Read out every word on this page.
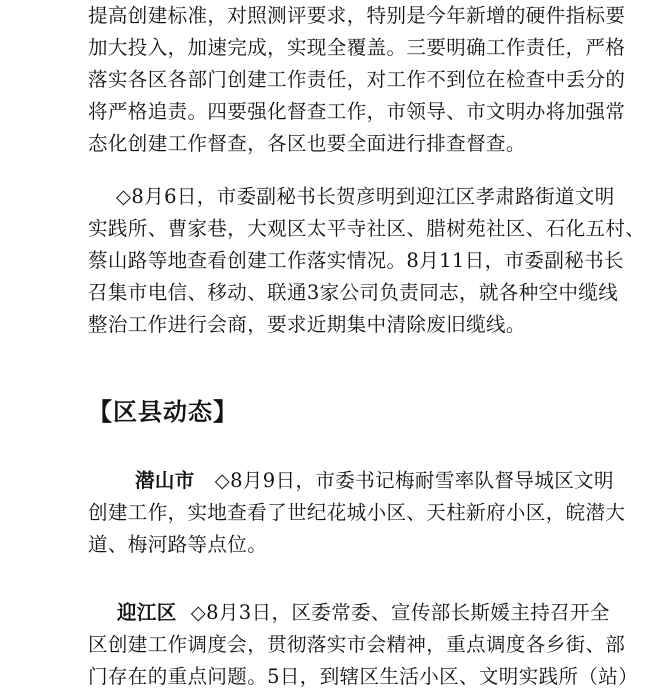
提高创建标准，对照测评要求，特别是今年新增的硬件指标要
加大投入，加速完成，实现全覆盖。三要明确工作责任，严格
落实各区各部门创建工作责任，对工作不到位在检查中丢分的
将严格追责。四要强化督查工作，市领导、市文明办将加强常
态化创建工作督查，各区也要全面进行排查督查。
◇8月6日，市委副秘书长贺彦明到迎江区孝肃路街道文明
实践所、曹家巷，大观区太平寺社区、腊树苑社区、石化五村、
蔡山路等地查看创建工作落实情况。8月11日，市委副秘书长
召集市电信、移动、联通3家公司负责同志，就各种空中缆线
整治工作进行会商，要求近期集中清除废旧缆线。
【区县动态】
潜山市 ◇8月9日，市委书记梅耐雪率队督导城区文明
创建工作，实地查看了世纪花城小区、天柱新府小区，皖潜大
道、梅河路等点位。
迎江区 ◇8月3日，区委常委、宣传部长斯媛主持召开全
区创建工作调度会，贯彻落实市会精神，重点调度各乡街、部
门存在的重点问题。5日，到辖区生活小区、文明实践所（站）
